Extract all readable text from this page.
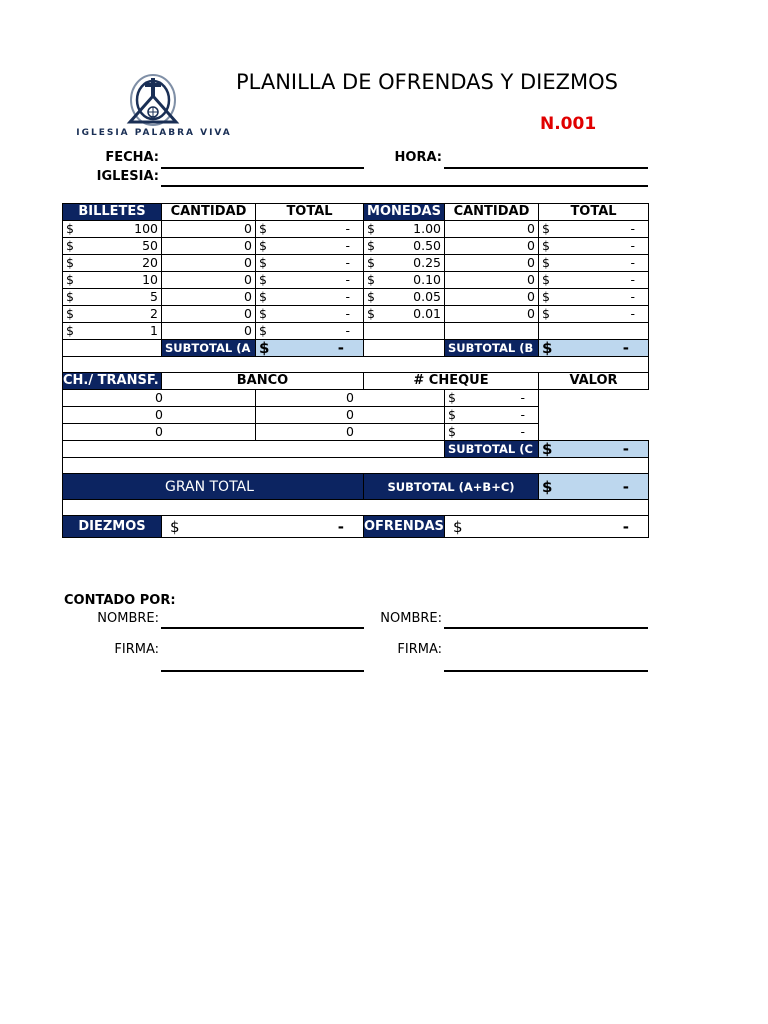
IGLESIA PALABRA VIVA
PLANILLA DE OFRENDAS Y DIEZMOS
N.001
FECHA:	HORA:
IGLESIA:
BILLETES	CANTIDAD	TOTAL	MONEDAS	CANTIDAD	TOTAL

$ 100	0	$ -	$ 1.00	0	$ -

$ 50	0	$ -	$ 0.50	0	$ -

$ 20	0	$ -	$ 0.25	0	$ -

$ 10	0	$ -	$ 0.10	0	$ -

$ 5	0	$ -	$ 0.05	0	$ -

$ 2	0	$ -	$ 0.01	0	$ -

$ 1	0	$ -			

	SUBTOTAL (A	$ -		SUBTOTAL (B	$ -

CH./ TRANSF.	BANCO		# CHEQUE		VALOR
0		0		$ -	

0		0		$ -	

0		0		$ -	

				SUBTOTAL (C	$ -

GRAN TOTAL			SUBTOTAL (A+B+C)		$ -

DIEZMOS	$ -		OFRENDAS	$ -	
CONTADO POR:
NOMBRE:	NOMBRE:
FIRMA:	FIRMA:
